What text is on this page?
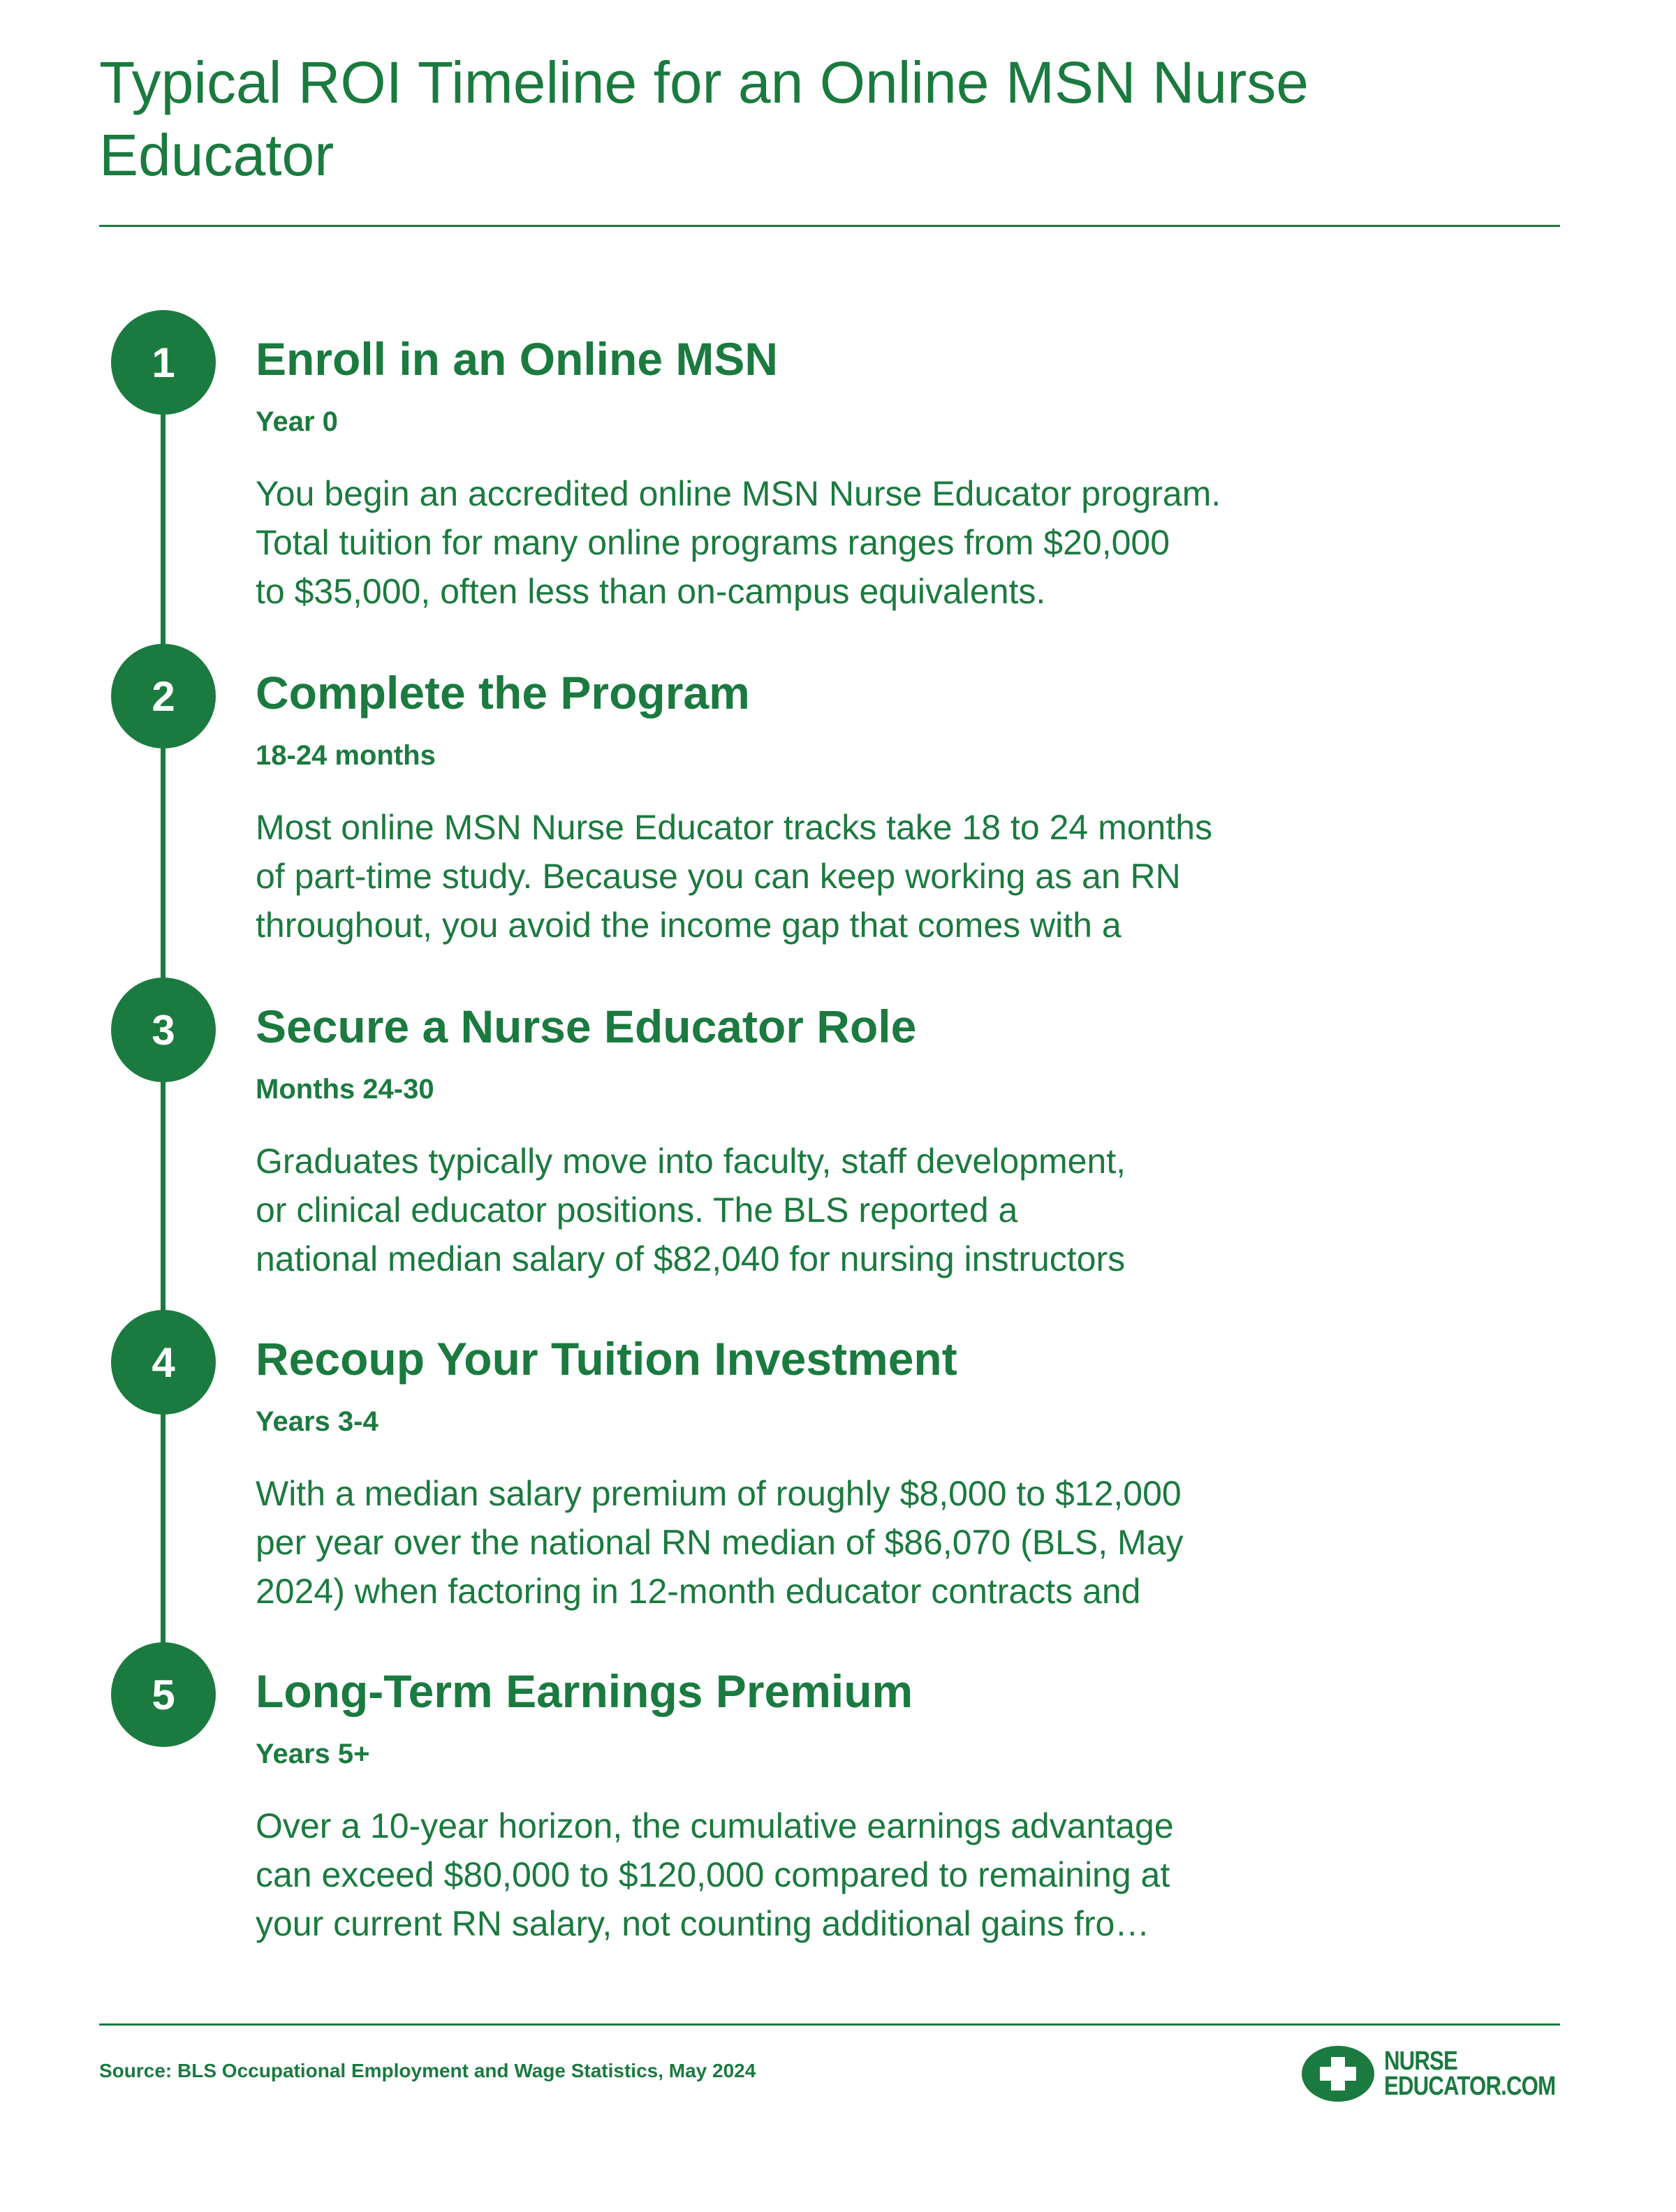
Typical ROI Timeline for an Online MSN Nurse
Educator
1	Enroll in an Online MSN
Year 0
You begin an accredited online MSN Nurse Educator program.
Total tuition for many online programs ranges from $20,000
to $35,000, often less than on-campus equivalents.
2	Complete the Program
18-24 months
Most online MSN Nurse Educator tracks take 18 to 24 months
of part-time study. Because you can keep working as an RN
throughout, you avoid the income gap that comes with a
3	Secure a Nurse Educator Role
Months 24-30
Graduates typically move into faculty, staff development,
or clinical educator positions. The BLS reported a
national median salary of $82,040 for nursing instructors
4	Recoup Your Tuition Investment
Years 3-4
With a median salary premium of roughly $8,000 to $12,000
per year over the national RN median of $86,070 (BLS, May
2024) when factoring in 12-month educator contracts and
5	Long-Term Earnings Premium
Years 5+
Over a 10-year horizon, the cumulative earnings advantage
can exceed $80,000 to $120,000 compared to remaining at
your current RN salary, not counting additional gains fro…
Source: BLS Occupational Employment and Wage Statistics, May 2024	NURSE
EDUCATOR.COM
